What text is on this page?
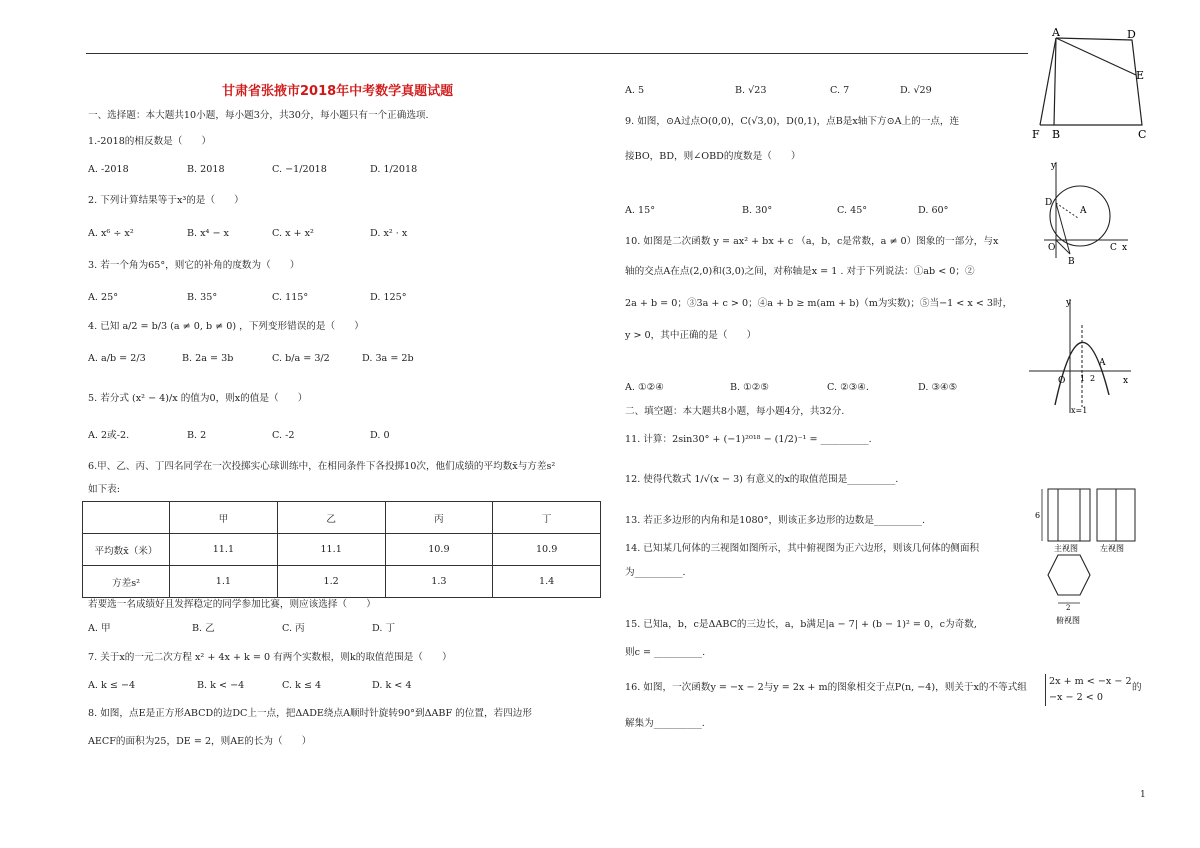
甘肃省张掖市2018年中考数学真题试题
一、选择题：本大题共10小题，每小题3分，共30分，每小题只有一个正确选项.
1.-2018的相反数是（　　）
A. -2018	B. 2018	C. −1/2018	D. 1/2018
2. 下列计算结果等于x³的是（　　）
A. x⁶ ÷ x²	B. x⁴ − x	C. x + x²	D. x² · x
3. 若一个角为65°，则它的补角的度数为（　　）
A. 25°	B. 35°	C. 115°	D. 125°
4. 已知 a/2 = b/3 (a ≠ 0, b ≠ 0) ，下列变形错误的是（　　）
A. a/b = 2/3	B. 2a = 3b	C. b/a = 3/2	D. 3a = 2b
5. 若分式 (x² − 4)/x 的值为0，则x的值是（　　）
A. 2或-2.	B. 2	C. -2	D. 0
6.甲、乙、丙、丁四名同学在一次投掷实心球训练中，在相同条件下各投掷10次，他们成绩的平均数x̄与方差s²
如下表:
	甲	乙	丙	丁
平均数x̄（米）	11.1	11.1	10.9	10.9
方差s²	1.1	1.2	1.3	1.4
若要选一名成绩好且发挥稳定的同学参加比赛，则应该选择（　　）
A. 甲	B. 乙	C. 丙	D. 丁
7. 关于x的一元二次方程 x² + 4x + k = 0 有两个实数根，则k的取值范围是（　　）
A. k ≤ −4	B. k < −4	C. k ≤ 4	D. k < 4
8. 如图，点E是正方形ABCD的边DC上一点，把ΔADE绕点A顺时针旋转90°到ΔABF 的位置，若四边形
AECF的面积为25，DE = 2，则AE的长为（　　）
A. 5	B. √23	C. 7	D. √29
9. 如图，⊙A过点O(0,0)，C(√3,0)，D(0,1)，点B是x轴下方⊙A上的一点，连
接BO，BD，则∠OBD的度数是（　　）
A. 15°	B. 30°	C. 45°	D. 60°
10. 如图是二次函数 y = ax² + bx + c （a，b，c是常数，a ≠ 0）图象的一部分，与x
轴的交点A在点(2,0)和(3,0)之间，对称轴是x = 1 . 对于下列说法：①ab < 0；②
2a + b = 0；③3a + c > 0；④a + b ≥ m(am + b)（m为实数)；⑤当−1 < x < 3时，
y > 0，其中正确的是（　　）
A. ①②④	B. ①②⑤	C. ②③④.	D. ③④⑤
二、填空题：本大题共8小题，每小题4分，共32分.
11. 计算：2sin30° + (−1)²⁰¹⁸ − (1/2)⁻¹ = __________.
12. 使得代数式 1/√(x − 3) 有意义的x的取值范围是__________.
13. 若正多边形的内角和是1080°，则该正多边形的边数是__________.
14. 已知某几何体的三视图如图所示，其中俯视图为正六边形，则该几何体的侧面积
为__________.
15. 已知a，b，c是ΔABC的三边长，a，b满足|a − 7| + (b − 1)² = 0，c为奇数,
则c = __________.
16. 如图，一次函数y = −x − 2与y = 2x + m的图象相交于点P(n, −4)，则关于x的不等式组
2x + m < −x − 2
−x − 2 < 0
的
解集为__________.
1
A	D
E
F B	C
y
D
A
O	C x
B
y
O 1 2	x
A
x=1
6
主视图	左视图
2
俯视图
